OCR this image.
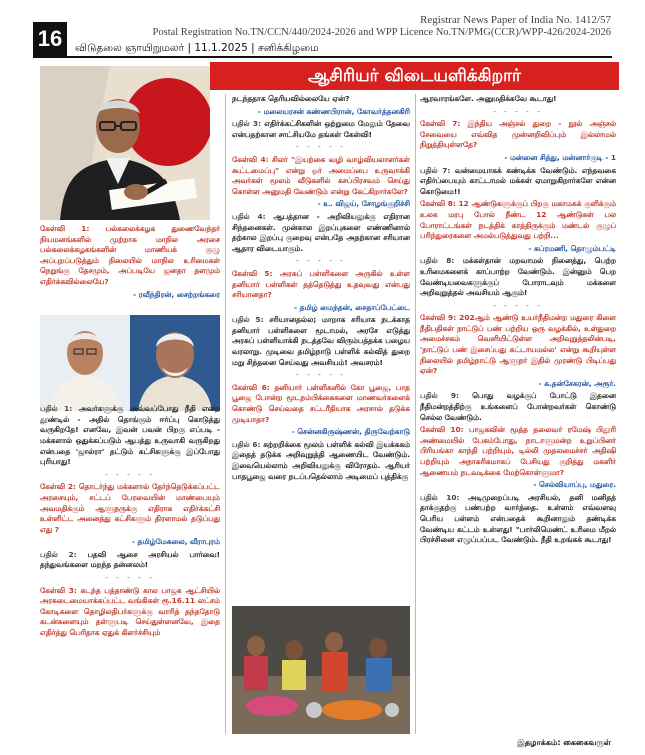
16
Registrar News Paper of India No. 1412/57
Postal Registration No.TN/CCN/440/2024-2026 and WPP Licence No.TN/PMG(CCR)/WPP-426/2024-2026
விடுதலை ஞாயிறுமலர் | 11.1.2025 | சனிக்கிழமை
ஆசிரியர் விடையளிக்கிறார்
கேள்வி 1: பல்கலைக்கழக துணைவேந்தர் நியமனங்களில் முற்றாக மாநில அரசை பல்கலைக்கழகங்களின் மாணியக் குழு அப்புறப்படுத்தும் நிலையில் மாநில உரிமைகள் நெறுங்கு தேசமும், அப்படியே ஜனதா தளமும் எதிர்க்கவில்லையே?
- ரவீந்திரன், சைற்றங்கரை
பதில் 1: அவர்களுக்கு அவ்வப்போது நீதி என்ற தூண்டில் - அதில் தொங்கும் ஈர்ப்பு கொடுத்து வருகிறதே! எனவே, இவன் பவன் பிறகு எப்படி - மக்களால் ஒதுக்கப்படும் ஆபத்து உருவாகி வருகிறது என்பதை 'ஜால்ரா' தட்டும் கட்சிகளுக்கு இப்போது புரியாது!
- - - - -
கேள்வி 2: தொடர்ந்து மக்களால் தேர்ந்தெடுக்கப்பட்ட அரசையும், சட்டப் பேரவையின் மாண்பையும் அவமதிக்கும் ஆளுநருக்கு எதிராக எதிர்க்கட்சி உள்ளிட்ட அனைத்து கட்சிகளும் திரளாமல் தடுப்பது எது ?
- தமிழ்மேகலை, வீராபுரம்
பதில் 2: பதவி ஆசை அரசியல் பார்வை! தந்துவங்களை மறந்த தன்னலம்!
- - - - -
கேள்வி 3: கடந்த பத்தாண்டு கால பாஜக ஆட்சியில் அரசுடைமையாக்கப்பட்ட வங்கிகள் ரூ.16.11 லட்சம் கோடிகளை தொழிலதிபர்களுக்கு வாரித் தந்ததோடு கடன்களையும் தள்ளுபடி செய்துள்ளனவே, இதை எதிர்த்து பெரிதாக ஏதுக் கிளர்ச்சியும்
நடந்ததாக தெரியவில்லையே ஏன்?
- மலையரசன் கண்ணபிரான், கோவர்த்தனகிரி
பதில் 3: எதிர்க்கட்சிகளின் ஒற்றுமை மேலும் தேவை என்பதற்கான சாட்சியமே தங்கள் கேள்வி!
- - - - -
கேள்வி 4: சிலர் "இயற்கை வழி வாழ்வியலாளர்கள் கூட்டமைப்பு" என்று ஓர் அமைப்பை உருவாக்கி அவர்கள் மூலம் வீடுகளில் கசப்பிரசவம் செய்து கொள்ள அனுமதி வேண்டும் என்று கேட்கிறார்களே?
- உ. விஜய், சோழங்குறிச்சி
பதில் 4: ஆபத்தான - அறிவியலுக்கு எதிரான சிந்தனைகள். முன்கால இறப்புகளை எண்ணினால் தற்கால இறப்பு குறைவு என்பதே அதற்கான சரியான ஆதார விடையாகும்.
- - - - -
கேள்வி 5: அரசுப் பள்ளிகளை அருகில் உள்ள தனியார் பள்ளிகள் தத்தெடுத்து உதவுவது என்பது சரியானதா?
- தமிழ் மைந்தன், சைதாப்பேட்டை
பதில் 5: சரியானதல்ல; மாறாக சரியாக நடக்காத தனியார் பள்ளிகளை மூடாமல், அரசே எடுத்து அரசுப் பள்ளியாக்கி நடத்தவே விரும்பத்தக்க பழைய வரலாறு. முடிவை தமிழ்நாடு பள்ளிக் கல்வித் துறை மறு சிந்தனை செய்வது அவசியம்! அவசரம்!
- - - - -
கேள்வி 6: தனியார் பள்ளிகளில் கோ பூஜை, பாத பூஜை போன்ற மூடநம்பிக்கைகளை மாணவர்களைக் கொண்டு செய்வதை சட்டரீதியாக அரசால் தடுக்க முடியாதா?
- சென்னகிருஷ்ணன், திருவேற்காடு
பதில் 6: சுற்றறிக்கை மூலம் பள்ளிக் கல்வி இயக்ககம் இதைத் தடுக்க அறிவுறுத்தி ஆணையிட வேண்டும். இவையெல்லாம் அறிவியலுக்கு விரோதம். ஆரியர் பாதபூஜை வரை நடப்பதெல்லாம் அடிமைப் புத்திக்கு
ஆரவாரங்களே. அனுமதிக்கவே கூடாது!
- - - - -
கேள்வி 7: இந்திய அஞ்சல் துறை - நூல் அஞ்சல் சேவையை எவ்வித முன்னறிவிப்பும் இல்லாமல் நிறுத்தியுள்ளதே?
- மன்னை சித்து, மன்னார்குடி - 1
பதில் 7: வன்மையாகக் கண்டிக்க வேண்டும். எந்தவகை எதிர்ப்பையும் காட்டாமல் மக்கள் ஏமாறுகிறார்களே என்ன கொடுமை!!
கேள்வி 8: 12 ஆண்டுகளுக்குப் பிறகு மகாமகக் குளிக்கும் உலக மரபு போல் நீண்ட 12 ஆண்டுகள் பல போராட்டங்கள் நடத்திக் காத்திருக்கும் மண்டல் குழுப் பரிந்துரைகளை அமல்படுத்துவது பற்றி...
- சுப்ரமணி, தொழும்பட்டி
பதில் 8: மக்கள்தான் மறவாமல் நினைத்து, பெற்ற உரிமைகளைக் காப்பாற்ற வேண்டும். இன்னும் பெற வேண்டியவைகளுக்குப் போராடவும் மக்களை அறிவுறுத்தல் அவசியம் ஆகும்!
- - - - -
கேள்வி 9: 202ஆம் ஆண்டு உயர்நீதிமன்ற மதுரை கிளை நீதிபதிகள் நாட்டுப் பண் பற்றிய ஒரு வழக்கில், உள்துறை அமைச்சகம் வெளியிட்டுள்ள அறிவுறுத்தலின்படி, 'நாட்டுப் பண் இசைப்பது கட்டாயமல்ல' என்று கூறியுள்ள நிலையில் தமிழ்நாட்டு ஆளுநர் இதில் முரண்டு பிடிப்பது ஏன்?
- க.தன்சேகரன், அரூர்.
பதில் 9: பொது வழக்குப் போட்டு இதனை நீதிமன்றத்திற்கு உங்களைப் போன்றவர்கள் கொண்டு செல்ல வேண்டும்.
கேள்வி 10: பாஜகவின் மூத்த தலைவர் ரமேஷ் பிதூரி அண்மையில் பேசும்போது, நாடாளுமன்ற உறுப்பினர் பிரியங்கா காந்தி பற்றியும், டில்லி முதலமைச்சர் அதிஷி பற்றியும் அநாகரிகமாகப் பேசியது குறித்து மகளிர் ஆணையம் நடவடிக்கை மேற்கொள்ளுமா?
- செல்வியாப்பு, மதுரை.
பதில் 10: அடிமுறைப்படி அரசியல், தனி மனிதத் தாக்குதற்கு பண்பற்ற வார்த்தை. உள்ளம் எவ்வளவு பெரிய பள்ளம் என்பதைக் கூறினாலும் தண்டிக்க வேண்டிய கட்டம் உள்ளது! "பார்லிமெண்ட் உரிமை மீறல் பிரச்சினை எழுப்பப்பட வேண்டும். நீதி உறங்கக் கூடாது!
இதழாக்கம்: கைகைவருள்
